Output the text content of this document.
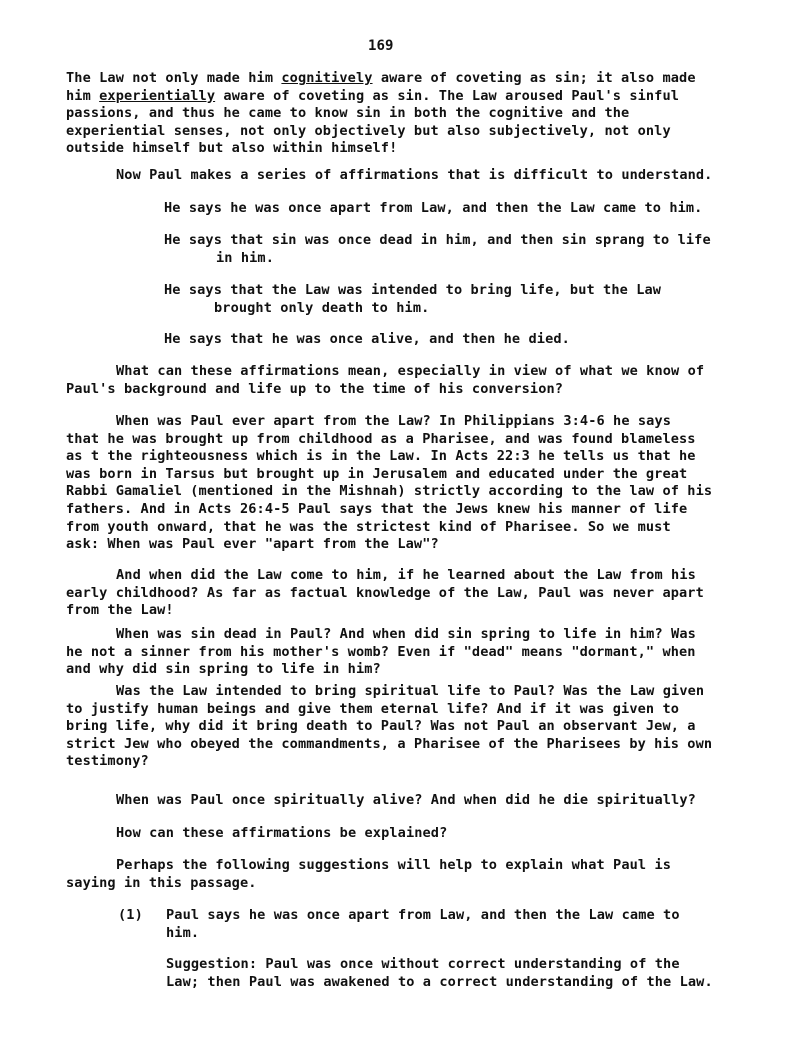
169
The Law not only made him cognitively aware of coveting as sin; it also made
him experientially aware of coveting as sin. The Law aroused Paul's sinful
passions, and thus he came to know sin in both the cognitive and the
experiential senses, not only objectively but also subjectively, not only
outside himself but also within himself!
Now Paul makes a series of affirmations that is difficult to understand.
He says he was once apart from Law, and then the Law came to him.
He says that sin was once dead in him, and then sin sprang to life
in him.
He says that the Law was intended to bring life, but the Law
brought only death to him.
He says that he was once alive, and then he died.
What can these affirmations mean, especially in view of what we know of
Paul's background and life up to the time of his conversion?
When was Paul ever apart from the Law? In Philippians 3:4-6 he says
that he was brought up from childhood as a Pharisee, and was found blameless
as t the righteousness which is in the Law. In Acts 22:3 he tells us that he
was born in Tarsus but brought up in Jerusalem and educated under the great
Rabbi Gamaliel (mentioned in the Mishnah) strictly according to the law of his
fathers. And in Acts 26:4-5 Paul says that the Jews knew his manner of life
from youth onward, that he was the strictest kind of Pharisee. So we must
ask: When was Paul ever "apart from the Law"?
And when did the Law come to him, if he learned about the Law from his
early childhood? As far as factual knowledge of the Law, Paul was never apart
from the Law!
When was sin dead in Paul? And when did sin spring to life in him? Was
he not a sinner from his mother's womb? Even if "dead" means "dormant," when
and why did sin spring to life in him?
Was the Law intended to bring spiritual life to Paul? Was the Law given
to justify human beings and give them eternal life? And if it was given to
bring life, why did it bring death to Paul? Was not Paul an observant Jew, a
strict Jew who obeyed the commandments, a Pharisee of the Pharisees by his own
testimony?
When was Paul once spiritually alive? And when did he die spiritually?
How can these affirmations be explained?
Perhaps the following suggestions will help to explain what Paul is
saying in this passage.
(1) Paul says he was once apart from Law, and then the Law came to
him.
Suggestion: Paul was once without correct understanding of the
Law; then Paul was awakened to a correct understanding of the Law.
